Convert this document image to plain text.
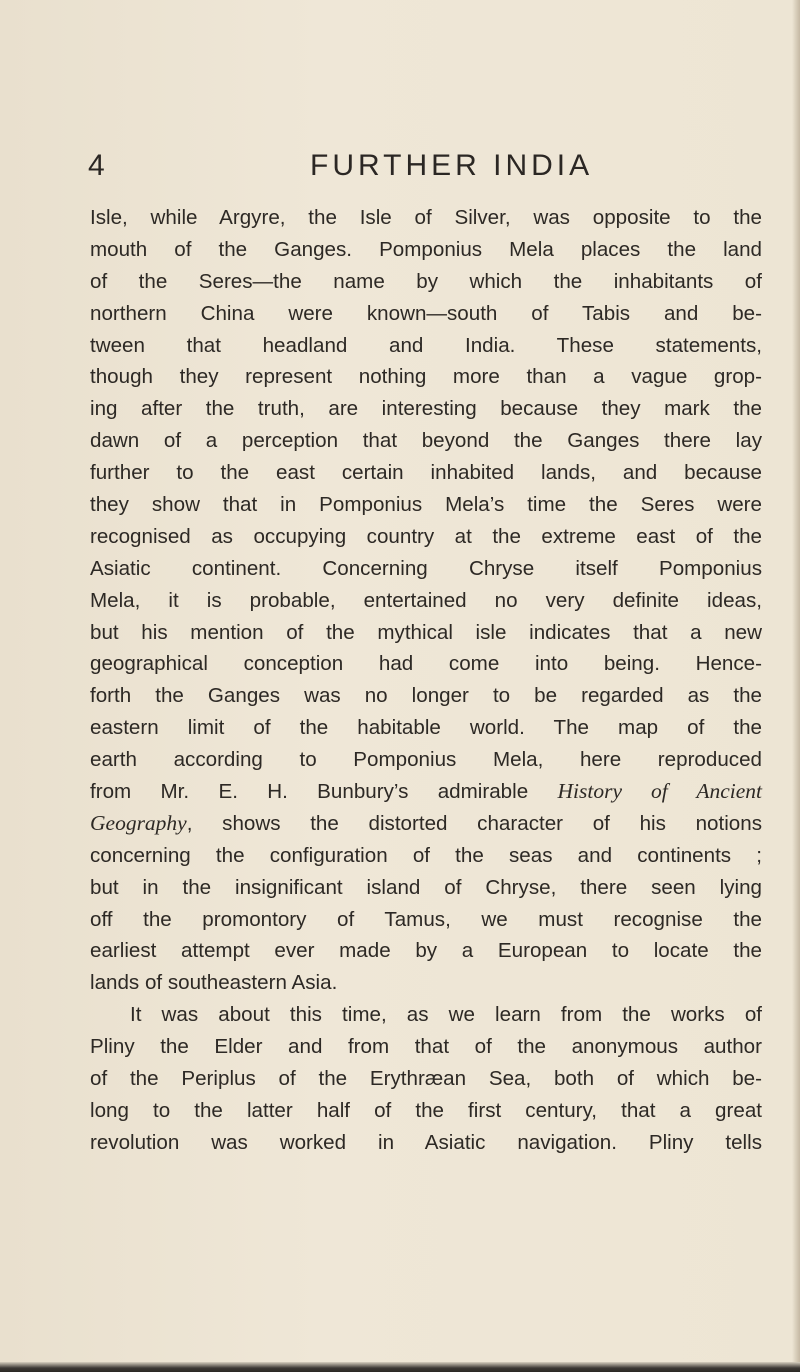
4	FURTHER INDIA
Isle, while Argyre, the Isle of Silver, was opposite to the
mouth of the Ganges. Pomponius Mela places the land
of the Seres—the name by which the inhabitants of
northern China were known—south of Tabis and be-
tween that headland and India. These statements,
though they represent nothing more than a vague grop-
ing after the truth, are interesting because they mark the
dawn of a perception that beyond the Ganges there lay
further to the east certain inhabited lands, and because
they show that in Pomponius Mela’s time the Seres were
recognised as occupying country at the extreme east of the
Asiatic continent. Concerning Chryse itself Pomponius
Mela, it is probable, entertained no very definite ideas,
but his mention of the mythical isle indicates that a new
geographical conception had come into being. Hence-
forth the Ganges was no longer to be regarded as the
eastern limit of the habitable world. The map of the
earth according to Pomponius Mela, here reproduced
from Mr. E. H. Bunbury’s admirable History of Ancient
Geography, shows the distorted character of his notions
concerning the configuration of the seas and continents ;
but in the insignificant island of Chryse, there seen lying
off the promontory of Tamus, we must recognise the
earliest attempt ever made by a European to locate the
lands of southeastern Asia.
It was about this time, as we learn from the works of
Pliny the Elder and from that of the anonymous author
of the Periplus of the Erythræan Sea, both of which be-
long to the latter half of the first century, that a great
revolution was worked in Asiatic navigation. Pliny tells
